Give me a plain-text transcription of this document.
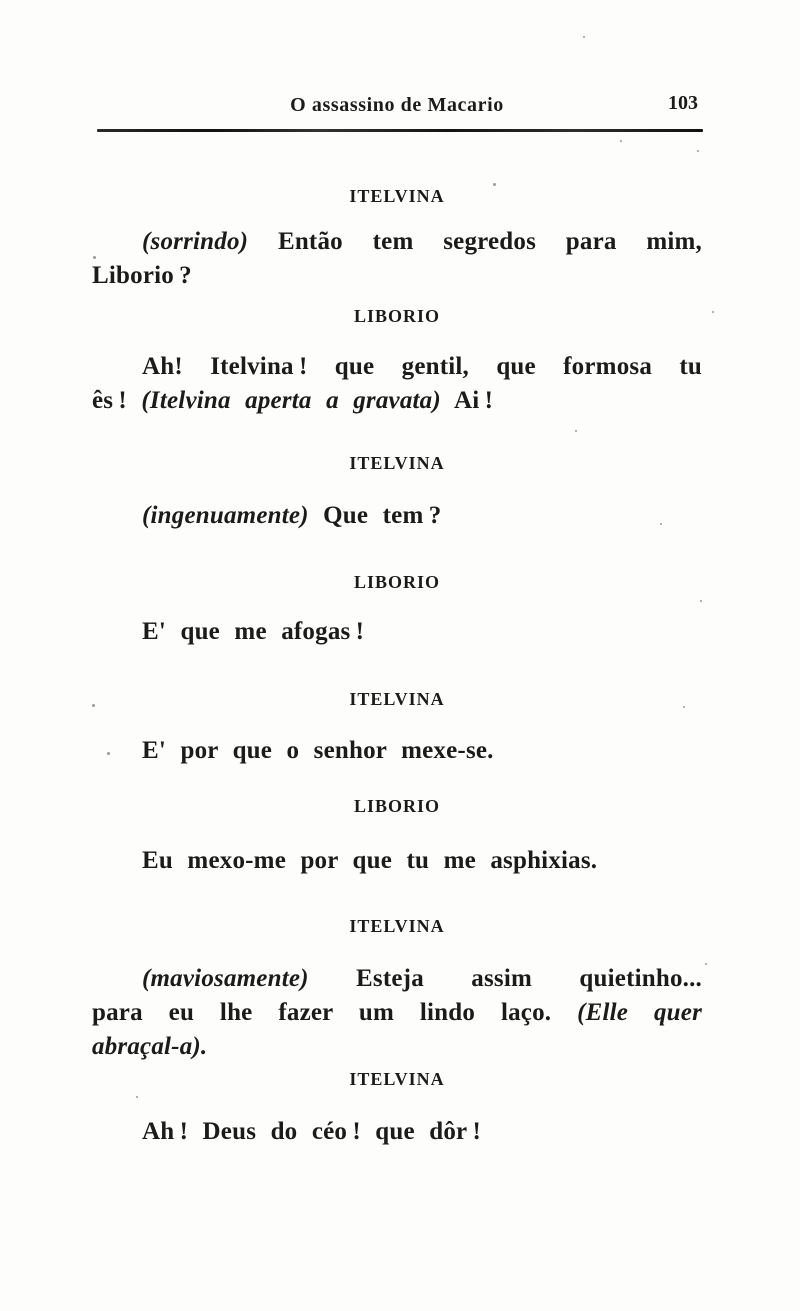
O assassino de Macario	103
ITELVINA
(sorrindo) Então tem segredos para mim,
Liborio ?
LIBORIO
Ah! Itelvina ! que gentil, que formosa tu
ês ! (Itelvina aperta a gravata) Ai !
ITELVINA
(ingenuamente) Que tem ?
LIBORIO
E' que me afogas !
ITELVINA
E' por que o senhor mexe-se.
LIBORIO
Eu mexo-me por que tu me asphixias.
ITELVINA
(maviosamente) Esteja assim quietinho...
para eu lhe fazer um lindo laço. (Elle quer
abraçal-a).
ITELVINA
Ah ! Deus do céo ! que dôr !
